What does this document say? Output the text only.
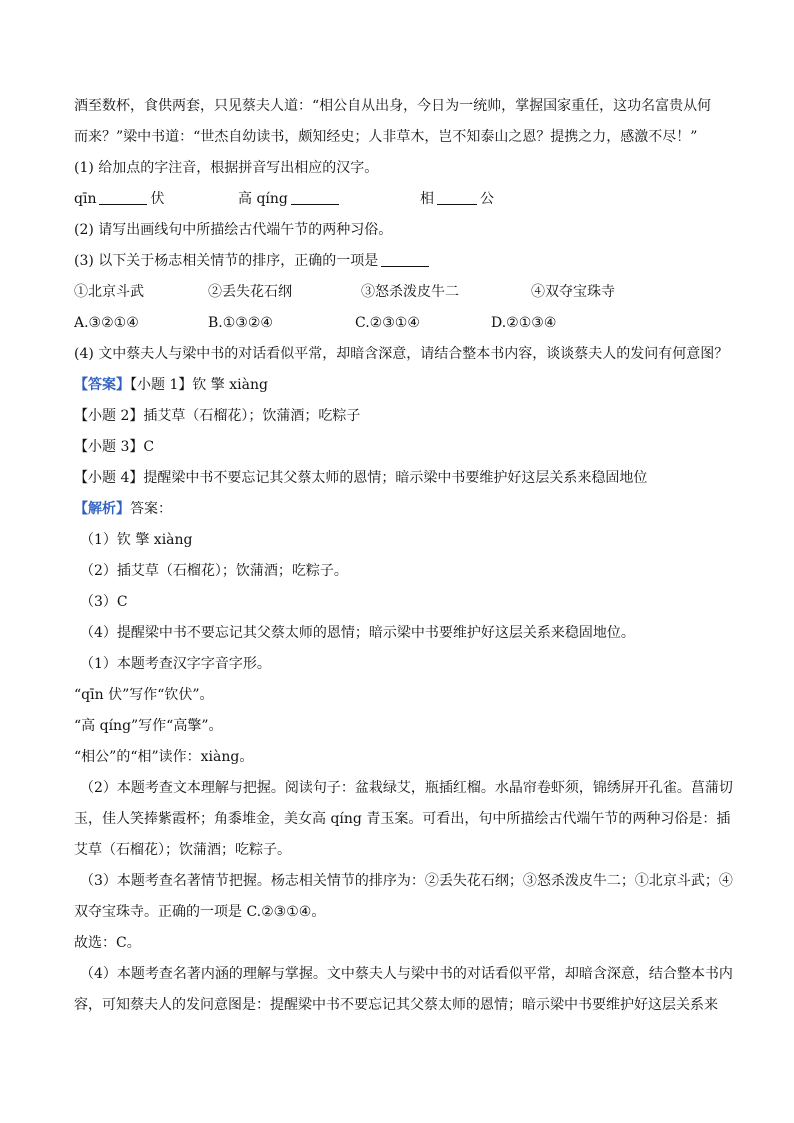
酒至数杯，食供两套，只见蔡夫人道：“相公自从出身，今日为一统帅，掌握国家重任，这功名富贵从何
而来？”梁中书道：“世杰自幼读书，颇知经史；人非草木，岂不知泰山之恩？提携之力，感激不尽！”
(1) 给加点的字注音，根据拼音写出相应的汉字。
qīn	伏	高 qíng	相	公
(2) 请写出画线句中所描绘古代端午节的两种习俗。
(3) 以下关于杨志相关情节的排序，正确的一项是
①北京斗武	②丢失花石纲	③怒杀泼皮牛二	④双夺宝珠寺
A.③②①④	B.①③②④	C.②③①④	D.②①③④
(4) 文中蔡夫人与梁中书的对话看似平常，却暗含深意，请结合整本书内容，谈谈蔡夫人的发问有何意图？
【答案】【小题 1】钦 擎 xiàng
【小题 2】插艾草（石榴花）；饮蒲酒；吃粽子
【小题 3】C
【小题 4】提醒梁中书不要忘记其父蔡太师的恩情；暗示梁中书要维护好这层关系来稳固地位
【解析】答案：
（1）钦 擎 xiàng
（2）插艾草（石榴花）；饮蒲酒；吃粽子。
（3）C
（4）提醒梁中书不要忘记其父蔡太师的恩情；暗示梁中书要维护好这层关系来稳固地位。
（1）本题考查汉字字音字形。
“qīn 伏”写作“钦伏”。
“高 qíng”写作“高擎”。
“相公”的“相”读作：xiàng。
（2）本题考查文本理解与把握。阅读句子：盆栽绿艾，瓶插红榴。水晶帘卷虾须，锦绣屏开孔雀。菖蒲切
玉，佳人笑捧紫霞杯；角黍堆金，美女高 qíng 青玉案。可看出，句中所描绘古代端午节的两种习俗是：插
艾草（石榴花）；饮蒲酒；吃粽子。
（3）本题考查名著情节把握。杨志相关情节的排序为：②丢失花石纲；③怒杀泼皮牛二；①北京斗武；④
双夺宝珠寺。正确的一项是 C.②③①④。
故选：C。
（4）本题考查名著内涵的理解与掌握。文中蔡夫人与梁中书的对话看似平常，却暗含深意，结合整本书内
容，可知蔡夫人的发问意图是：提醒梁中书不要忘记其父蔡太师的恩情；暗示梁中书要维护好这层关系来
